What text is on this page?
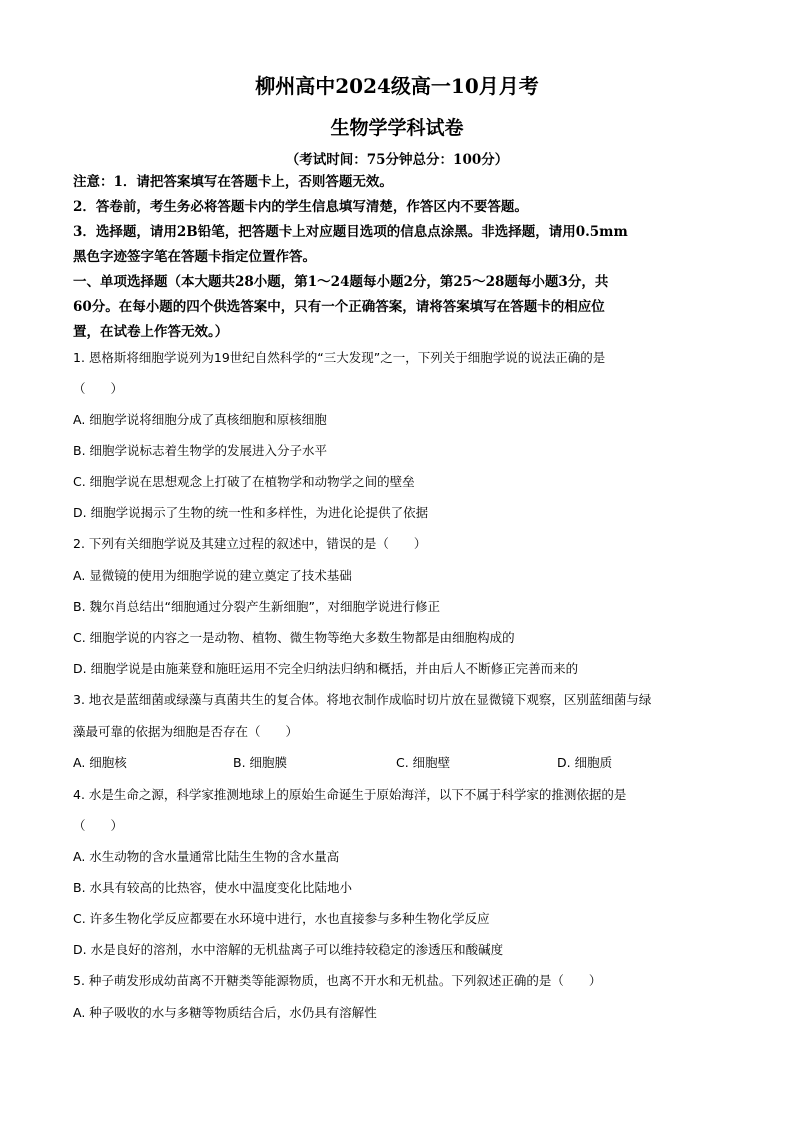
柳州高中2024级高一10月月考
生物学学科试卷
（考试时间：75分钟总分：100分）
注意：1．请把答案填写在答题卡上，否则答题无效。
2．答卷前，考生务必将答题卡内的学生信息填写清楚，作答区内不要答题。
3．选择题，请用2B铅笔，把答题卡上对应题目选项的信息点涂黑。非选择题，请用0.5mm
黑色字迹签字笔在答题卡指定位置作答。
一、单项选择题（本大题共28小题，第1～24题每小题2分，第25～28题每小题3分，共
60分。在每小题的四个供选答案中，只有一个正确答案，请将答案填写在答题卡的相应位
置，在试卷上作答无效。）
1. 恩格斯将细胞学说列为19世纪自然科学的“三大发现”之一，下列关于细胞学说的说法正确的是
（　　）
A. 细胞学说将细胞分成了真核细胞和原核细胞
B. 细胞学说标志着生物学的发展进入分子水平
C. 细胞学说在思想观念上打破了在植物学和动物学之间的壁垒
D. 细胞学说揭示了生物的统一性和多样性，为进化论提供了依据
2. 下列有关细胞学说及其建立过程的叙述中，错误的是（　　）
A. 显微镜的使用为细胞学说的建立奠定了技术基础
B. 魏尔肖总结出“细胞通过分裂产生新细胞”，对细胞学说进行修正
C. 细胞学说的内容之一是动物、植物、微生物等绝大多数生物都是由细胞构成的
D. 细胞学说是由施莱登和施旺运用不完全归纳法归纳和概括，并由后人不断修正完善而来的
3. 地衣是蓝细菌或绿藻与真菌共生的复合体。将地衣制作成临时切片放在显微镜下观察，区别蓝细菌与绿
藻最可靠的依据为细胞是否存在（　　）
A. 细胞核	B. 细胞膜	C. 细胞壁	D. 细胞质
4. 水是生命之源，科学家推测地球上的原始生命诞生于原始海洋，以下不属于科学家的推测依据的是
（　　）
A. 水生动物的含水量通常比陆生生物的含水量高
B. 水具有较高的比热容，使水中温度变化比陆地小
C. 许多生物化学反应都要在水环境中进行，水也直接参与多种生物化学反应
D. 水是良好的溶剂，水中溶解的无机盐离子可以维持较稳定的渗透压和酸碱度
5. 种子萌发形成幼苗离不开糖类等能源物质，也离不开水和无机盐。下列叙述正确的是（　　）
A. 种子吸收的水与多糖等物质结合后，水仍具有溶解性
